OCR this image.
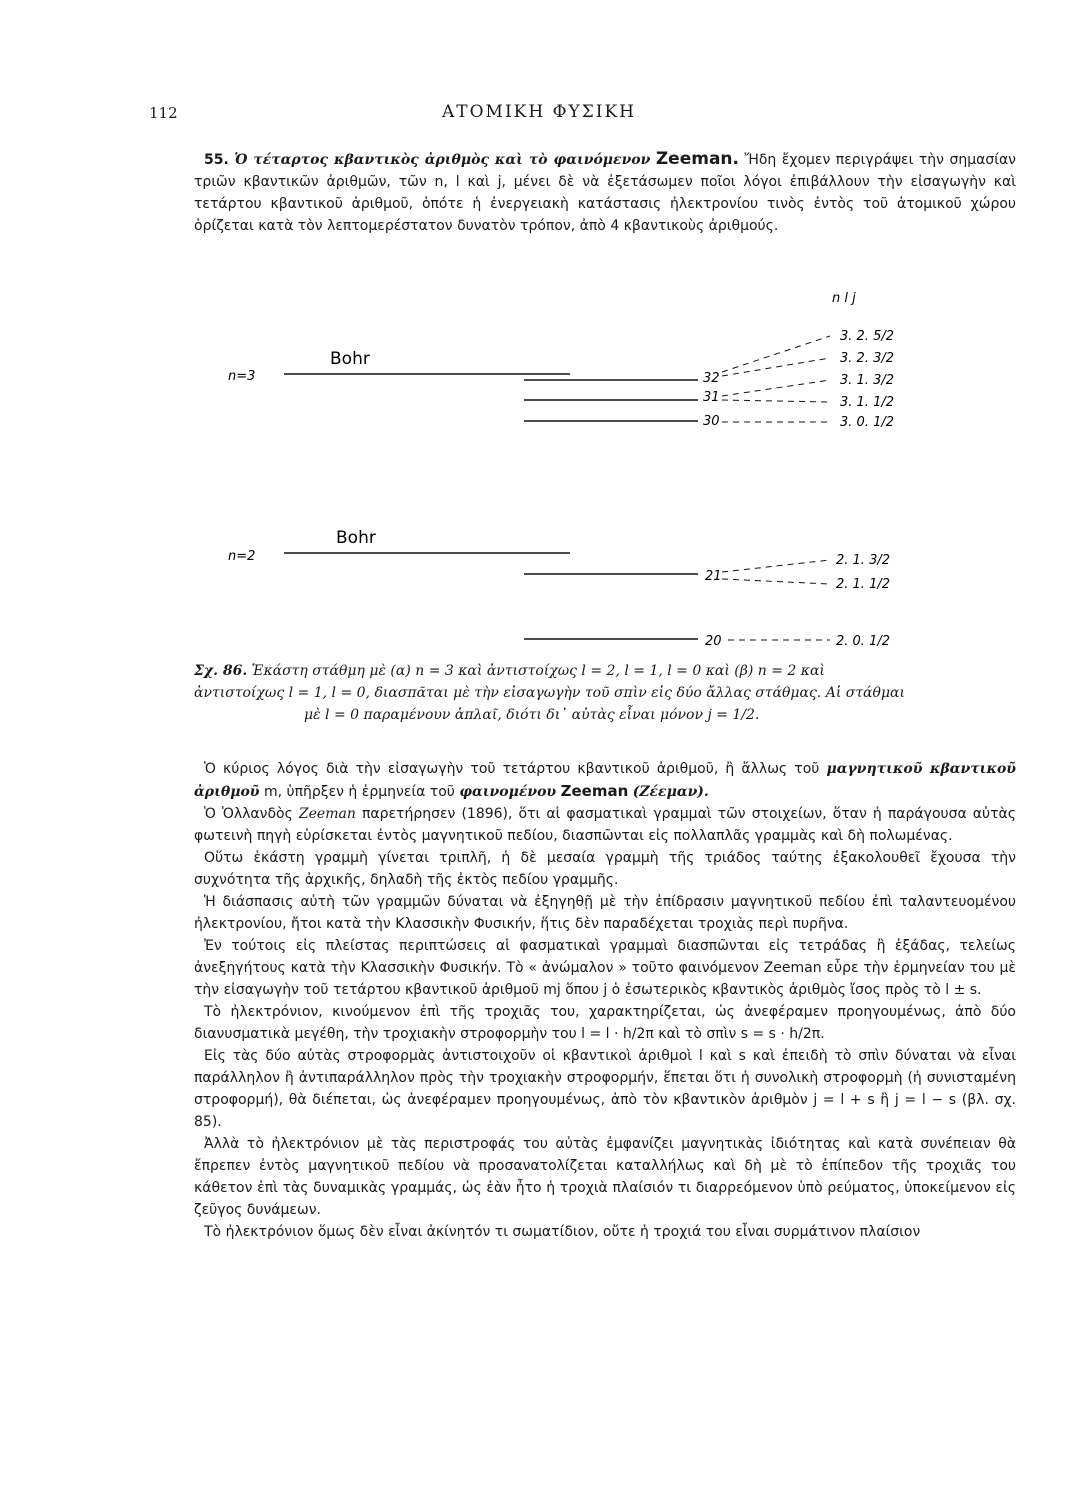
112	ΑΤΟΜΙΚΗ ΦΥΣΙΚΗ

55. Ὁ τέταρτος κβαντικὸς ἀριθμὸς καὶ τὸ φαινόμενον Zeeman. Ἤδη ἔχομεν περιγράψει τὴν σημασίαν τριῶν κβαντικῶν ἀριθμῶν, τῶν n, l καὶ j, μένει δὲ νὰ ἐξετάσωμεν ποῖοι λόγοι ἐπιβάλλουν τὴν εἰσαγωγὴν καὶ τετάρτου κβαντικοῦ ἀριθμοῦ, ὁπότε ἡ ἐνεργειακὴ κατάστασις ἠλεκτρονίου τινὸς ἐντὸς τοῦ ἀτομικοῦ χώρου ὁρίζεται κατὰ τὸν λεπτομερέστατον δυνατὸν τρόπον, ἀπὸ 4 κβαντικοὺς ἀριθμούς.

n l j
n=3
Bohr
32
31
30
3. 2. 5/2
3. 2. 3/2
3. 1. 3/2
3. 1. 1/2
3. 0. 1/2
n=2
Bohr
21
20
2. 1. 3/2
2. 1. 1/2
2. 0. 1/2
Σχ. 86. Ἑκάστη στάθμη μὲ (α) n = 3 καὶ ἀντιστοίχως l = 2, l = 1, l = 0 καὶ (β) n = 2 καὶ
ἀντιστοίχως l = 1, l = 0, διασπᾶται μὲ τὴν εἰσαγωγὴν τοῦ σπὶν εἰς δύο ἄλλας στάθμας. Αἱ στάθμαι
μὲ l = 0 παραμένουν ἁπλαῖ, διότι δι᾽ αὐτὰς εἶναι μόνον j = 1/2.

Ὁ κύριος λόγος διὰ τὴν εἰσαγωγὴν τοῦ τετάρτου κβαντικοῦ ἀριθμοῦ, ἢ ἄλλως τοῦ μαγνητικοῦ κβαντικοῦ ἀριθμοῦ m, ὑπῆρξεν ἡ ἑρμηνεία τοῦ φαινομένου Zeeman (Ζέεμαν).

Ὁ Ὁλλανδὸς Zeeman παρετήρησεν (1896), ὅτι αἱ φασματικαὶ γραμμαὶ τῶν στοιχείων, ὅταν ἡ παράγουσα αὐτὰς φωτεινὴ πηγὴ εὑρίσκεται ἐντὸς μαγνητικοῦ πεδίου, διασπῶνται εἰς πολλαπλᾶς γραμμὰς καὶ δὴ πολωμένας.

Οὕτω ἑκάστη γραμμὴ γίνεται τριπλῆ, ἡ δὲ μεσαία γραμμὴ τῆς τριάδος ταύτης ἐξακολουθεῖ ἔχουσα τὴν συχνότητα τῆς ἀρχικῆς, δηλαδὴ τῆς ἐκτὸς πεδίου γραμμῆς.

Ἡ διάσπασις αὐτὴ τῶν γραμμῶν δύναται νὰ ἐξηγηθῇ μὲ τὴν ἐπίδρασιν μαγνητικοῦ πεδίου ἐπὶ ταλαντευομένου ἠλεκτρονίου, ἤτοι κατὰ τὴν Κλασσικὴν Φυσικήν, ἥτις δὲν παραδέχεται τροχιὰς περὶ πυρῆνα.

Ἐν τούτοις εἰς πλείστας περιπτώσεις αἱ φασματικαὶ γραμμαὶ διασπῶνται εἰς τετράδας ἢ ἑξάδας, τελείως ἀνεξηγήτους κατὰ τὴν Κλασσικὴν Φυσικήν. Τὸ « ἀνώμαλον » τοῦτο φαινόμενον Zeeman εὗρε τὴν ἑρμηνείαν του μὲ τὴν εἰσαγωγὴν τοῦ τετάρτου κβαντικοῦ ἀριθμοῦ mj ὅπου j ὁ ἐσωτερικὸς κβαντικὸς ἀριθμὸς ἴσος πρὸς τὸ l ± s.

Τὸ ἠλεκτρόνιον, κινούμενον ἐπὶ τῆς τροχιᾶς του, χαρακτηρίζεται, ὡς ἀνεφέραμεν προηγουμένως, ἀπὸ δύο διανυσματικὰ μεγέθη, τὴν τροχιακὴν στροφορμὴν του l = l · h/2π καὶ τὸ σπὶν s = s · h/2π.

Εἰς τὰς δύο αὐτὰς στροφορμὰς ἀντιστοιχοῦν οἱ κβαντικοὶ ἀριθμοὶ l καὶ s καὶ ἐπειδὴ τὸ σπὶν δύναται νὰ εἶναι παράλληλον ἢ ἀντιπαράλληλον πρὸς τὴν τροχιακὴν στροφορμήν, ἕπεται ὅτι ἡ συνολικὴ στροφορμὴ (ἡ συνισταμένη στροφορμή), θὰ διέπεται, ὡς ἀνεφέραμεν προηγουμένως, ἀπὸ τὸν κβαντικὸν ἀριθμὸν j = l + s ἢ j = l − s (βλ. σχ. 85).

Ἀλλὰ τὸ ἠλεκτρόνιον μὲ τὰς περιστροφάς του αὐτὰς ἐμφανίζει μαγνητικὰς ἰδιότητας καὶ κατὰ συνέπειαν θὰ ἔπρεπεν ἐντὸς μαγνητικοῦ πεδίου νὰ προσανατολίζεται καταλλήλως καὶ δὴ μὲ τὸ ἐπίπεδον τῆς τροχιᾶς του κάθετον ἐπὶ τὰς δυναμικὰς γραμμάς, ὡς ἐὰν ἦτο ἡ τροχιὰ πλαίσιόν τι διαρρεόμενον ὑπὸ ρεύματος, ὑποκείμενον εἰς ζεῦγος δυνάμεων.

Τὸ ἠλεκτρόνιον ὅμως δὲν εἶναι ἀκίνητόν τι σωματίδιον, οὔτε ἡ τροχιά του εἶναι συρμάτινον πλαίσιον
